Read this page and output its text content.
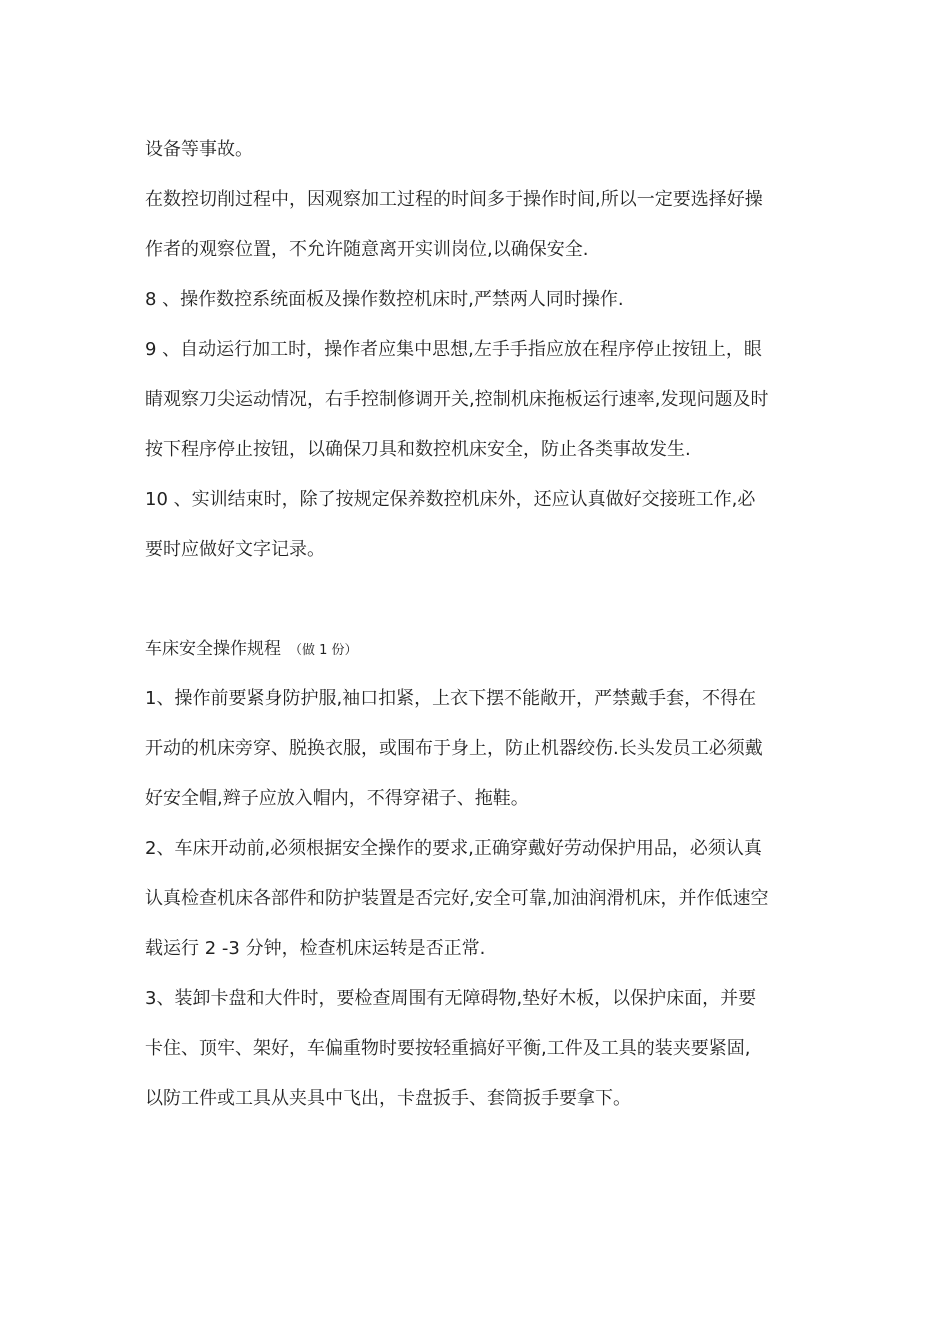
设备等事故。
在数控切削过程中，因观察加工过程的时间多于操作时间,所以一定要选择好操
作者的观察位置，不允许随意离开实训岗位,以确保安全.
8 、操作数控系统面板及操作数控机床时,严禁两人同时操作.
9 、自动运行加工时，操作者应集中思想,左手手指应放在程序停止按钮上，眼
睛观察刀尖运动情况，右手控制修调开关,控制机床拖板运行速率,发现问题及时
按下程序停止按钮，以确保刀具和数控机床安全，防止各类事故发生.
10 、实训结束时，除了按规定保养数控机床外，还应认真做好交接班工作,必
要时应做好文字记录。
车床安全操作规程 （做 1 份）
1、操作前要紧身防护服,袖口扣紧，上衣下摆不能敞开，严禁戴手套，不得在
开动的机床旁穿、脱换衣服，或围布于身上，防止机器绞伤.长头发员工必须戴
好安全帽,辫子应放入帽内，不得穿裙子、拖鞋。
2、车床开动前,必须根据安全操作的要求,正确穿戴好劳动保护用品，必须认真
认真检查机床各部件和防护装置是否完好,安全可靠,加油润滑机床，并作低速空
载运行 2 -3 分钟，检查机床运转是否正常.
3、装卸卡盘和大件时，要检查周围有无障碍物,垫好木板，以保护床面，并要
卡住、顶牢、架好，车偏重物时要按轻重搞好平衡,工件及工具的装夹要紧固,
以防工件或工具从夹具中飞出，卡盘扳手、套筒扳手要拿下。
